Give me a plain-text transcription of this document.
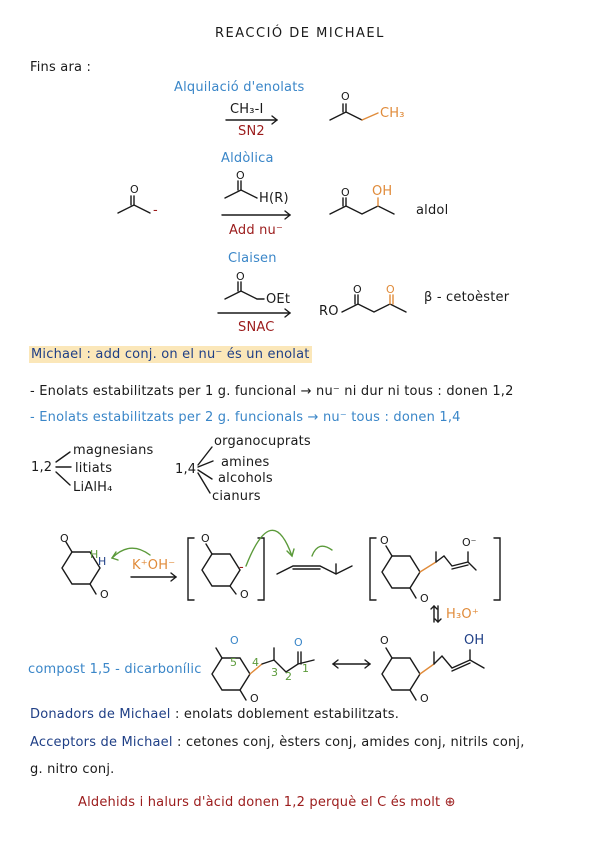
REACCIÓ DE MICHAEL
Fins ara :
Alquilació d'enolats
CH₃-I
SN2
O
CH₃
Aldòlica
O
-
O
H(R)
Add nu⁻
O OH
aldol
Claisen
O
OEt
SNAC
RO
O O
β - cetoèster
Michael : add conj. on el nu⁻ és un enolat
- Enolats estabilitzats per 1 g. funcional → nu⁻ ni dur ni tous : donen 1,2
- Enolats estabilitzats per 2 g. funcionals → nu⁻ tous : donen 1,4
1,2
magnesians
litiats
LiAlH₄
1,4
organocuprats
amines
alcohols
cianurs
O
O
H
H K⁺OH⁻
O
O
-
O
O
O⁻
H₃O⁺
O
O
O
5 4
3 2
1
O
O
OH
compost 1,5 - dicarbonílic
Donadors de Michael : enolats doblement estabilitzats.
Acceptors de Michael : cetones conj, èsters conj, amides conj, nitrils conj,
g. nitro conj.
Aldehids i halurs d'àcid donen 1,2 perquè el C és molt ⊕
